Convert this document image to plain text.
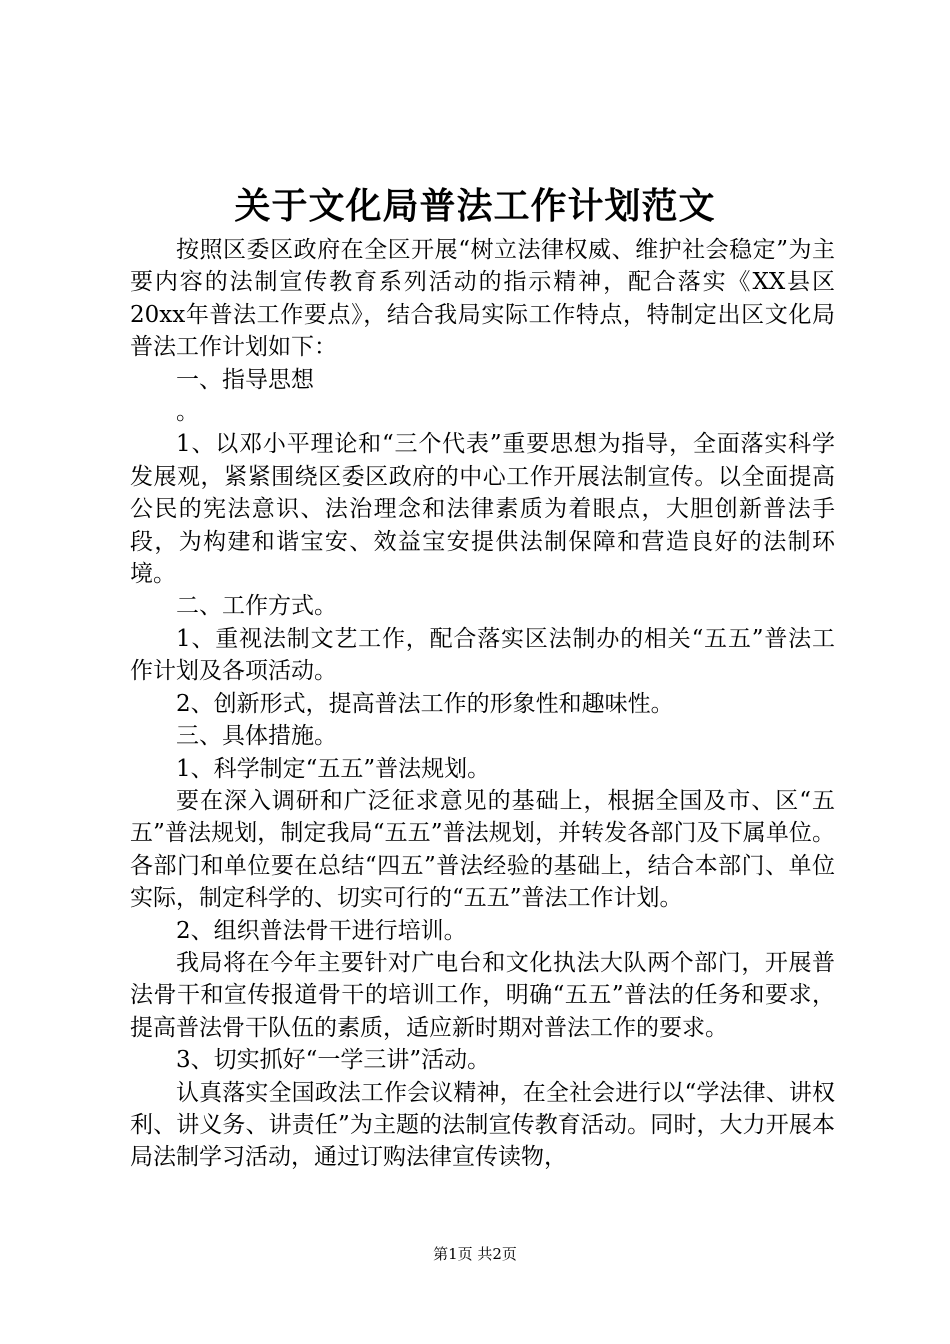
关于文化局普法工作计划范文

按照区委区政府在全区开展“树立法律权威、维护社会稳定”为主要内容的法制宣传教育系列活动的指示精神，配合落实《XX县区20xx年普法工作要点》，结合我局实际工作特点，特制定出区文化局普法工作计划如下：

一、指导思想

。

1、以邓小平理论和“三个代表”重要思想为指导，全面落实科学发展观，紧紧围绕区委区政府的中心工作开展法制宣传。以全面提高公民的宪法意识、法治理念和法律素质为着眼点，大胆创新普法手段，为构建和谐宝安、效益宝安提供法制保障和营造良好的法制环境。

二、工作方式。

1、重视法制文艺工作，配合落实区法制办的相关“五五”普法工作计划及各项活动。

2、创新形式，提高普法工作的形象性和趣味性。

三、具体措施。

1、科学制定“五五”普法规划。

要在深入调研和广泛征求意见的基础上，根据全国及市、区“五五”普法规划，制定我局“五五”普法规划，并转发各部门及下属单位。各部门和单位要在总结“四五”普法经验的基础上，结合本部门、单位实际，制定科学的、切实可行的“五五”普法工作计划。

2、组织普法骨干进行培训。

我局将在今年主要针对广电台和文化执法大队两个部门，开展普法骨干和宣传报道骨干的培训工作，明确“五五”普法的任务和要求，提高普法骨干队伍的素质，适应新时期对普法工作的要求。

3、切实抓好“一学三讲”活动。

认真落实全国政法工作会议精神，在全社会进行以“学法律、讲权利、讲义务、讲责任”为主题的法制宣传教育活动。同时，大力开展本局法制学习活动，通过订购法律宣传读物，

第1页 共2页
